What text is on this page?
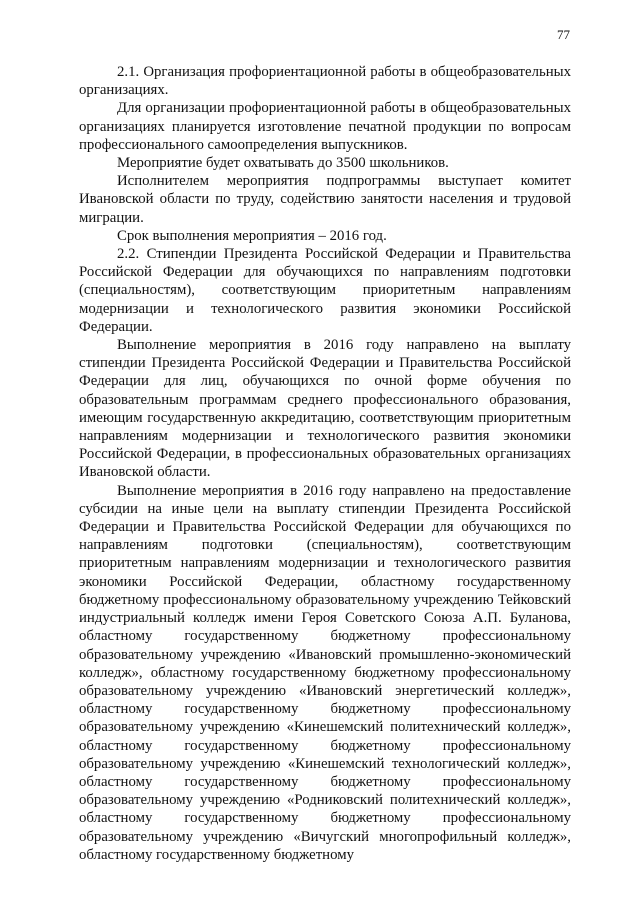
77

2.1. Организация профориентационной работы в общеобразовательных организациях.

Для организации профориентационной работы в общеобразовательных организациях планируется изготовление печатной продукции по вопросам профессионального самоопределения выпускников.

Мероприятие будет охватывать до 3500 школьников.

Исполнителем мероприятия подпрограммы выступает комитет Ивановской области по труду, содействию занятости населения и трудовой миграции.

Срок выполнения мероприятия – 2016 год.

2.2. Стипендии Президента Российской Федерации и Правительства Российской Федерации для обучающихся по направлениям подготовки (специальностям), соответствующим приоритетным направлениям модернизации и технологического развития экономики Российской Федерации.

Выполнение мероприятия в 2016 году направлено на выплату стипендии Президента Российской Федерации и Правительства Российской Федерации для лиц, обучающихся по очной форме обучения по образовательным программам среднего профессионального образования, имеющим государственную аккредитацию, соответствующим приоритетным направлениям модернизации и технологического развития экономики Российской Федерации, в профессиональных образовательных организациях Ивановской области.

Выполнение мероприятия в 2016 году направлено на предоставление субсидии на иные цели на выплату стипендии Президента Российской Федерации и Правительства Российской Федерации для обучающихся по направлениям подготовки (специальностям), соответствующим приоритетным направлениям модернизации и технологического развития экономики Российской Федерации, областному государственному бюджетному профессиональному образовательному учреждению Тейковский индустриальный колледж имени Героя Советского Союза А.П. Буланова, областному государственному бюджетному профессиональному образовательному учреждению «Ивановский промышленно-экономический колледж», областному государственному бюджетному профессиональному образовательному учреждению «Ивановский энергетический колледж», областному государственному бюджетному профессиональному образовательному учреждению «Кинешемский политехнический колледж», областному государственному бюджетному профессиональному образовательному учреждению «Кинешемский технологический колледж», областному государственному бюджетному профессиональному образовательному учреждению «Родниковский политехнический колледж», областному государственному бюджетному профессиональному образовательному учреждению «Вичугский многопрофильный колледж», областному государственному бюджетному
